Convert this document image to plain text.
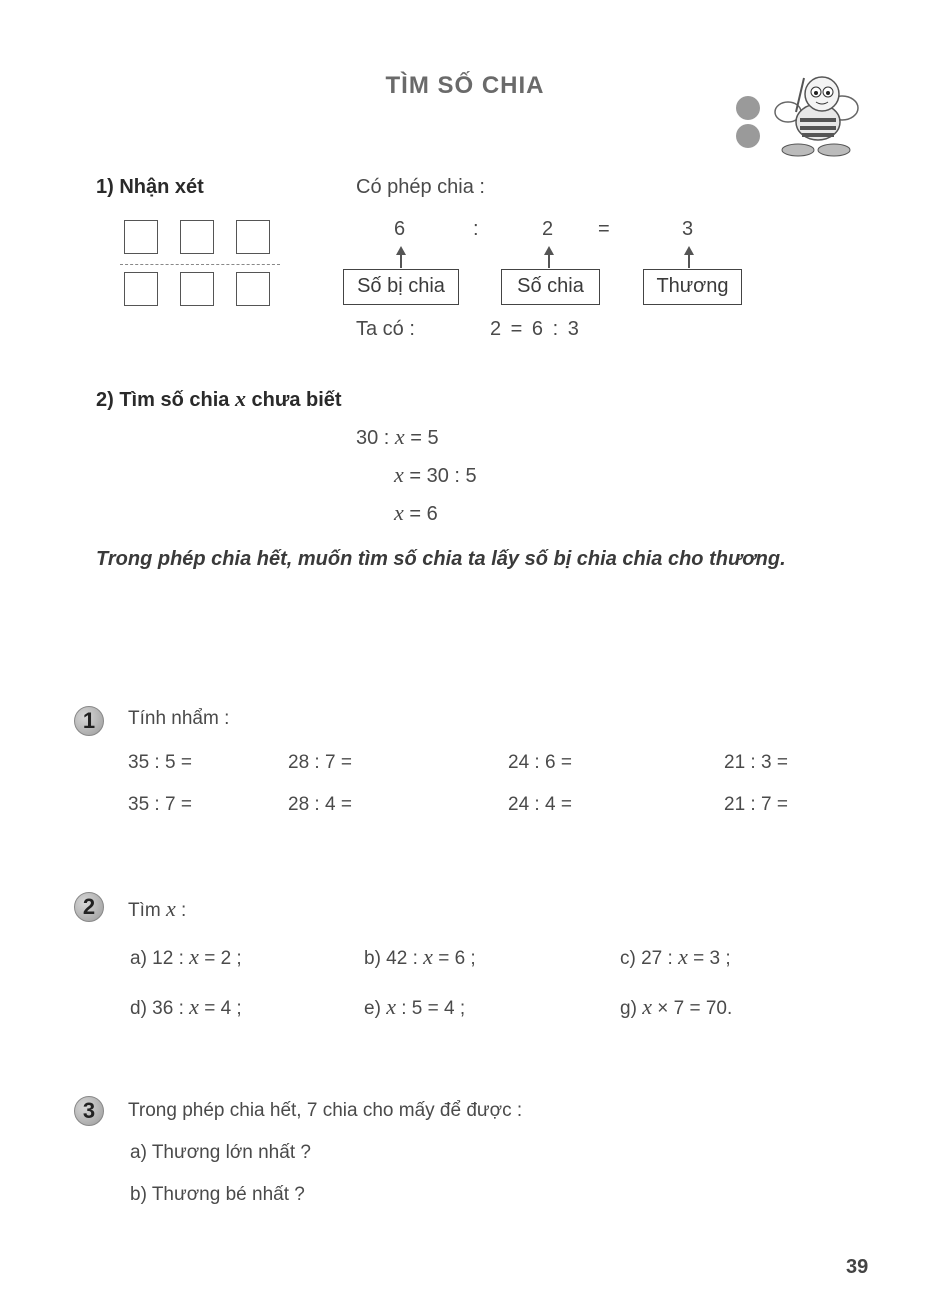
TÌM SỐ CHIA
1) Nhận xét	Có phép chia :
6	:	2 =	3
Số bị chia	Số chia	Thương
Ta có :	2 = 6 : 3
2) Tìm số chia x chưa biết
30 : x = 5
x = 30 : 5
x = 6
Trong phép chia hết, muốn tìm số chia ta lấy số bị chia chia cho thương.
1	Tính nhẩm :
35 : 5 =	28 : 7 =	24 : 6 =	21 : 3 =
35 : 7 =	28 : 4 =	24 : 4 =	21 : 7 =
2	Tìm x :
a) 12 : x = 2 ;	b) 42 : x = 6 ;	c) 27 : x = 3 ;
d) 36 : x = 4 ;	e) x : 5 = 4 ;	g) x × 7 = 70.
3	Trong phép chia hết, 7 chia cho mấy để được :
a) Thương lớn nhất ?
b) Thương bé nhất ?
39
